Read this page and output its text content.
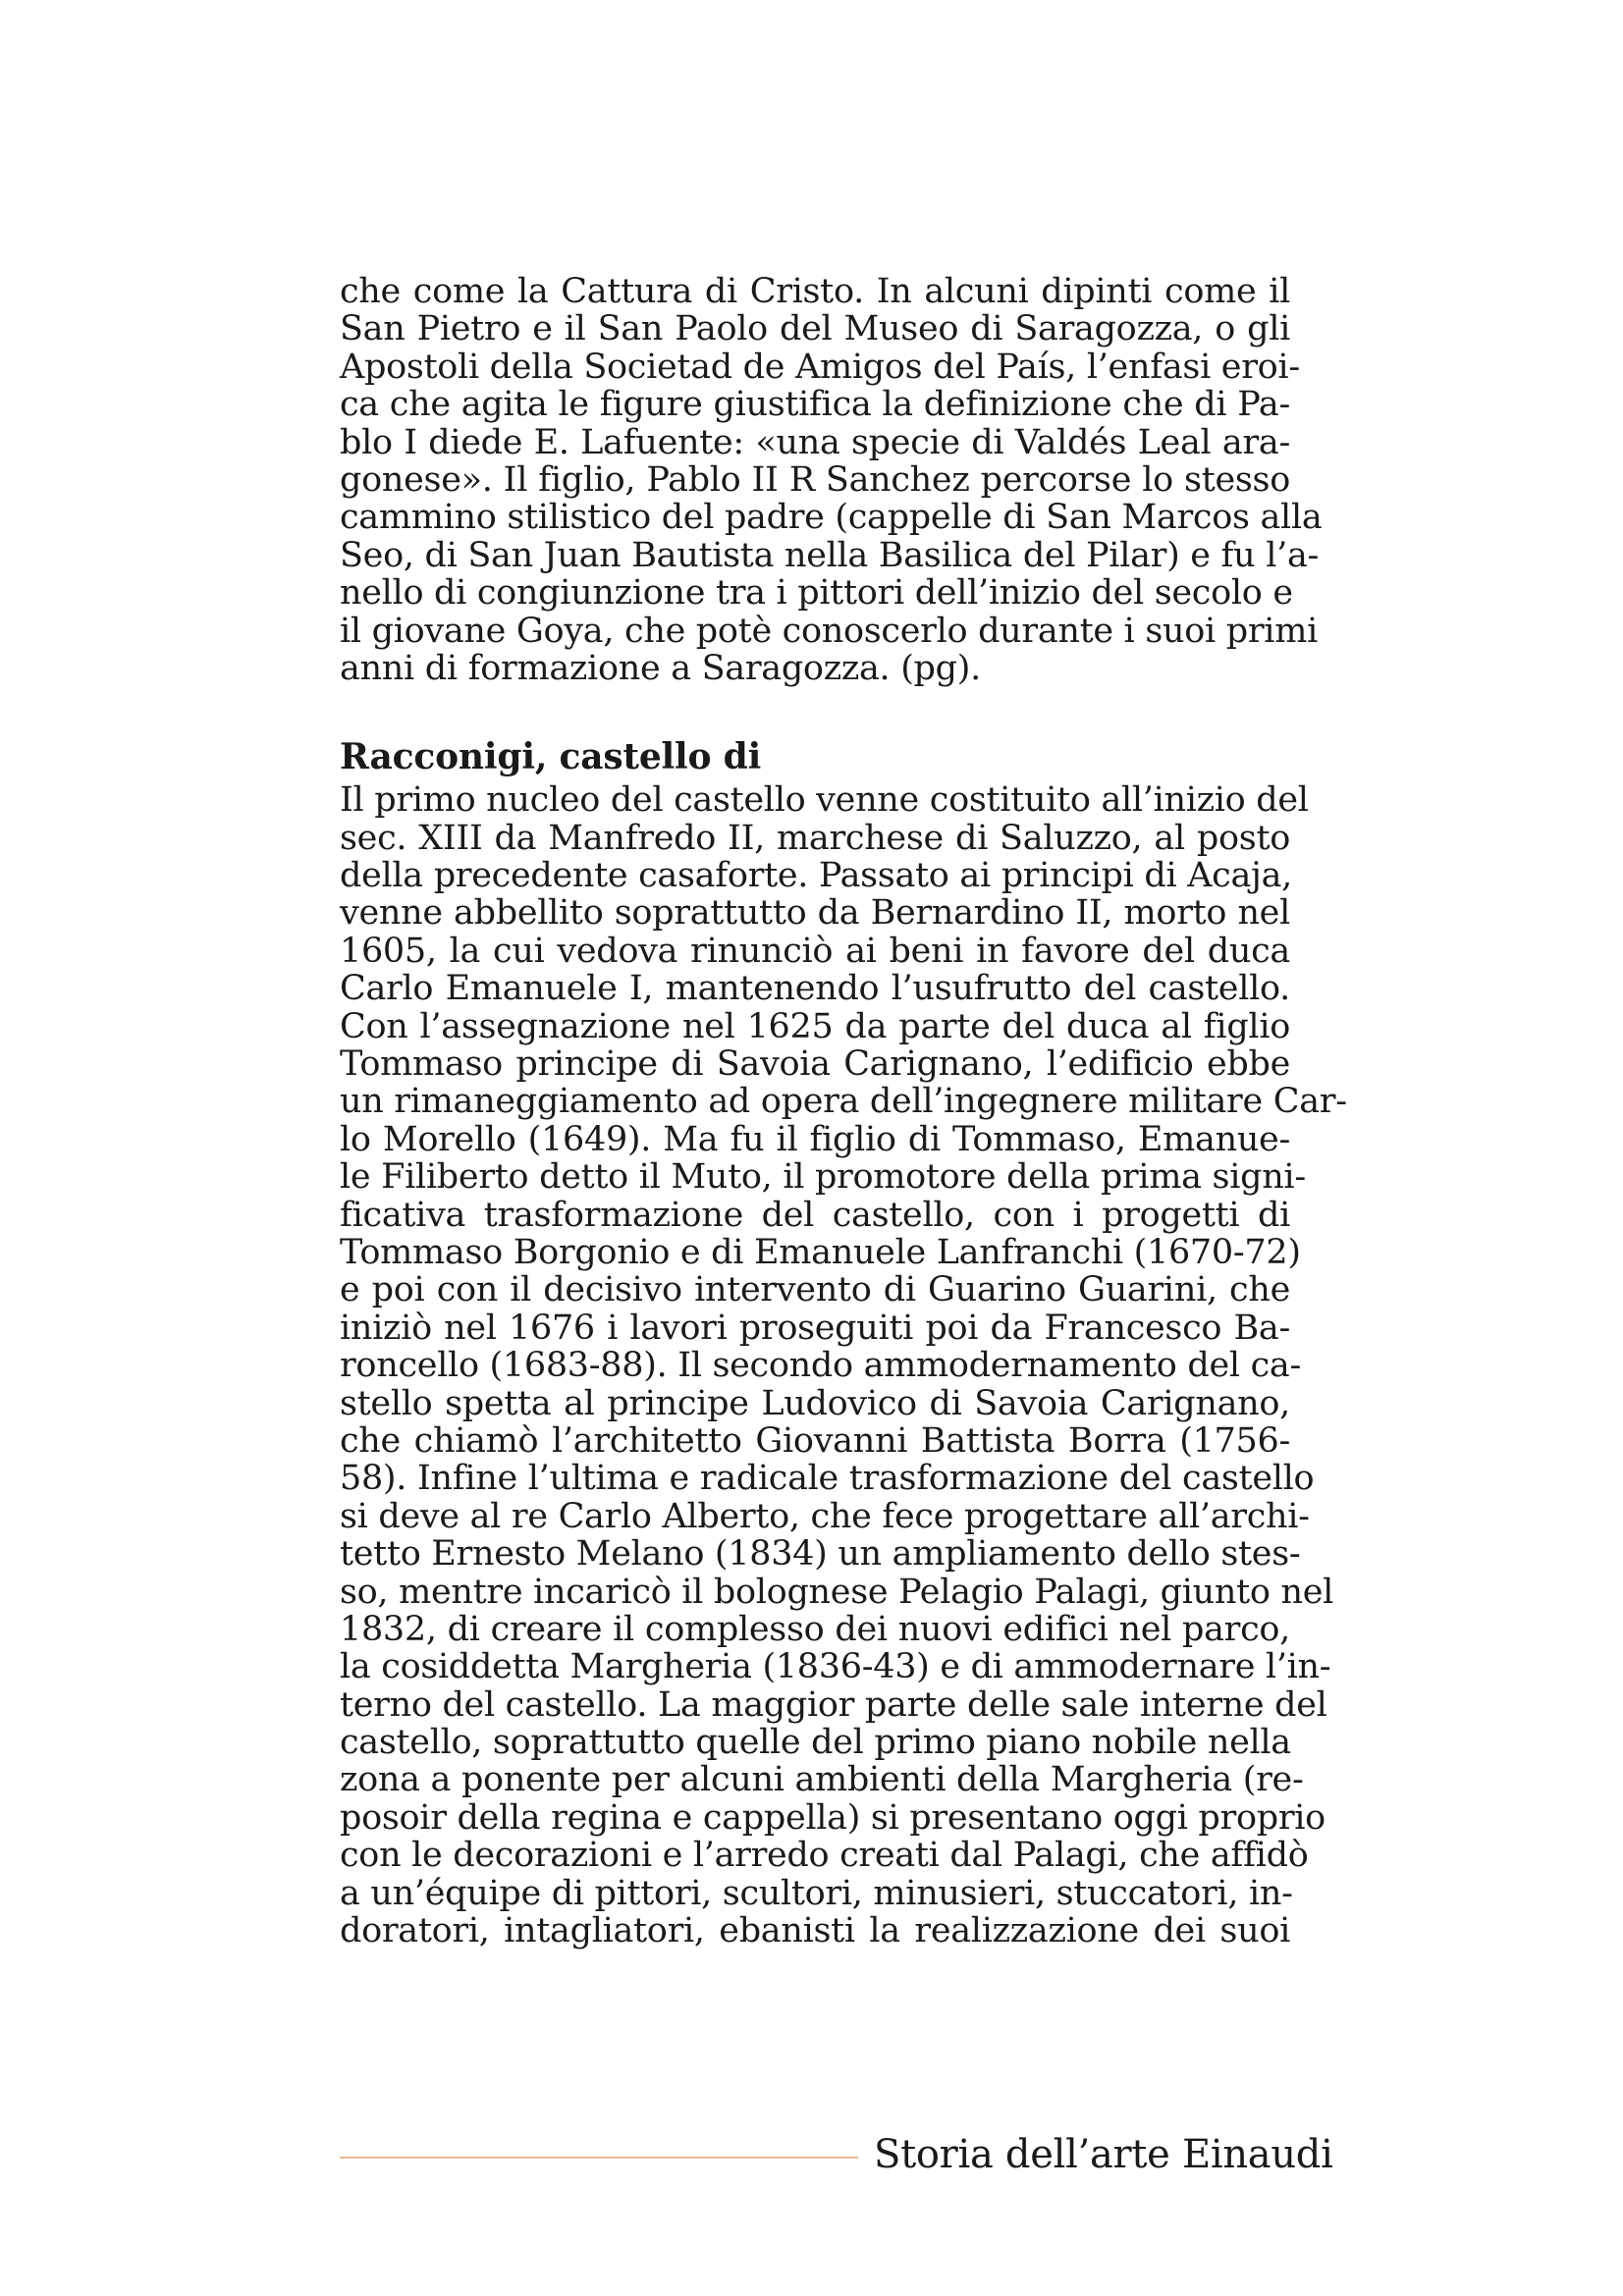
che come la Cattura di Cristo. In alcuni dipinti come il
San Pietro e il San Paolo del Museo di Saragozza, o gli
Apostoli della Societad de Amigos del País, l’enfasi eroi-
ca che agita le figure giustifica la definizione che di Pa-
blo I diede E. Lafuente: «una specie di Valdés Leal ara-
gonese». Il figlio, Pablo II R Sanchez percorse lo stesso
cammino stilistico del padre (cappelle di San Marcos alla
Seo, di San Juan Bautista nella Basilica del Pilar) e fu l’a-
nello di congiunzione tra i pittori dell’inizio del secolo e
il giovane Goya, che potè conoscerlo durante i suoi primi
anni di formazione a Saragozza. (pg).
Racconigi, castello di
Il primo nucleo del castello venne costituito all’inizio del
sec. XIII da Manfredo II, marchese di Saluzzo, al posto
della precedente casaforte. Passato ai principi di Acaja,
venne abbellito soprattutto da Bernardino II, morto nel
1605, la cui vedova rinunciò ai beni in favore del duca
Carlo Emanuele I, mantenendo l’usufrutto del castello.
Con l’assegnazione nel 1625 da parte del duca al figlio
Tommaso principe di Savoia Carignano, l’edificio ebbe
un rimaneggiamento ad opera dell’ingegnere militare Car-
lo Morello (1649). Ma fu il figlio di Tommaso, Emanue-
le Filiberto detto il Muto, il promotore della prima signi-
ficativa trasformazione del castello, con i progetti di
Tommaso Borgonio e di Emanuele Lanfranchi (1670-72)
e poi con il decisivo intervento di Guarino Guarini, che
iniziò nel 1676 i lavori proseguiti poi da Francesco Ba-
roncello (1683-88). Il secondo ammodernamento del ca-
stello spetta al principe Ludovico di Savoia Carignano,
che chiamò l’architetto Giovanni Battista Borra (1756-
58). Infine l’ultima e radicale trasformazione del castello
si deve al re Carlo Alberto, che fece progettare all’archi-
tetto Ernesto Melano (1834) un ampliamento dello stes-
so, mentre incaricò il bolognese Pelagio Palagi, giunto nel
1832, di creare il complesso dei nuovi edifici nel parco,
la cosiddetta Margheria (1836-43) e di ammodernare l’in-
terno del castello. La maggior parte delle sale interne del
castello, soprattutto quelle del primo piano nobile nella
zona a ponente per alcuni ambienti della Margheria (re-
posoir della regina e cappella) si presentano oggi proprio
con le decorazioni e l’arredo creati dal Palagi, che affidò
a un’équipe di pittori, scultori, minusieri, stuccatori, in-
doratori, intagliatori, ebanisti la realizzazione dei suoi
Storia dell’arte Einaudi
